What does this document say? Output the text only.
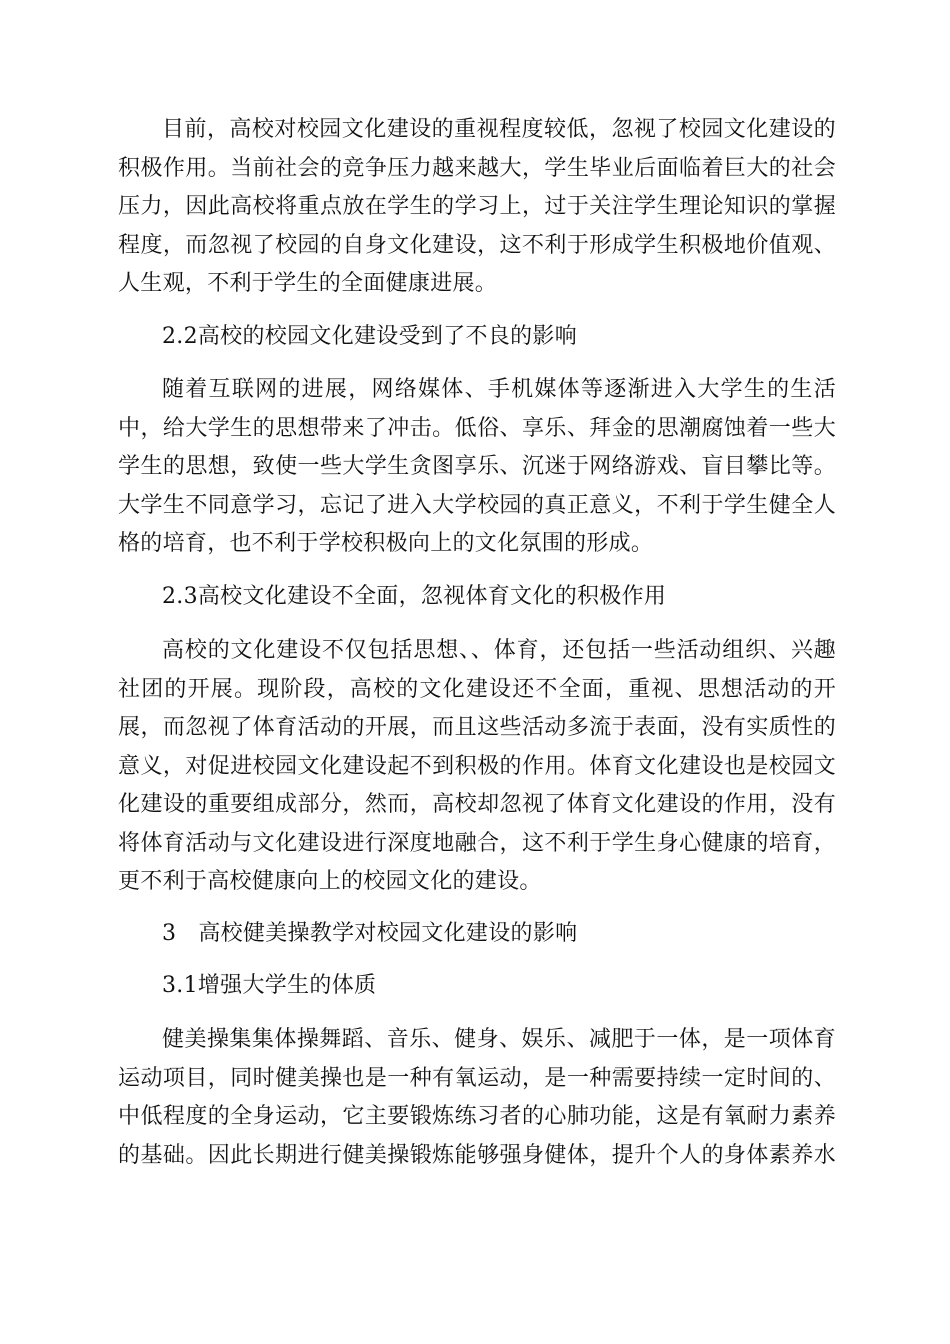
目前，高校对校园文化建设的重视程度较低，忽视了校园文化建设的
积极作用。当前社会的竞争压力越来越大，学生毕业后面临着巨大的社会
压力，因此高校将重点放在学生的学习上，过于关注学生理论知识的掌握
程度，而忽视了校园的自身文化建设，这不利于形成学生积极地价值观、
人生观，不利于学生的全面健康进展。
2.2高校的校园文化建设受到了不良的影响
随着互联网的进展，网络媒体、手机媒体等逐渐进入大学生的生活
中，给大学生的思想带来了冲击。低俗、享乐、拜金的思潮腐蚀着一些大
学生的思想，致使一些大学生贪图享乐、沉迷于网络游戏、盲目攀比等。
大学生不同意学习，忘记了进入大学校园的真正意义，不利于学生健全人
格的培育，也不利于学校积极向上的文化氛围的形成。
2.3高校文化建设不全面，忽视体育文化的积极作用
高校的文化建设不仅包括思想、、体育，还包括一些活动组织、兴趣
社团的开展。现阶段，高校的文化建设还不全面，重视、思想活动的开
展，而忽视了体育活动的开展，而且这些活动多流于表面，没有实质性的
意义，对促进校园文化建设起不到积极的作用。体育文化建设也是校园文
化建设的重要组成部分，然而，高校却忽视了体育文化建设的作用，没有
将体育活动与文化建设进行深度地融合，这不利于学生身心健康的培育，
更不利于高校健康向上的校园文化的建设。
3 高校健美操教学对校园文化建设的影响
3.1增强大学生的体质
健美操集集体操舞蹈、音乐、健身、娱乐、减肥于一体，是一项体育
运动项目，同时健美操也是一种有氧运动，是一种需要持续一定时间的、
中低程度的全身运动，它主要锻炼练习者的心肺功能，这是有氧耐力素养
的基础。因此长期进行健美操锻炼能够强身健体，提升个人的身体素养水
